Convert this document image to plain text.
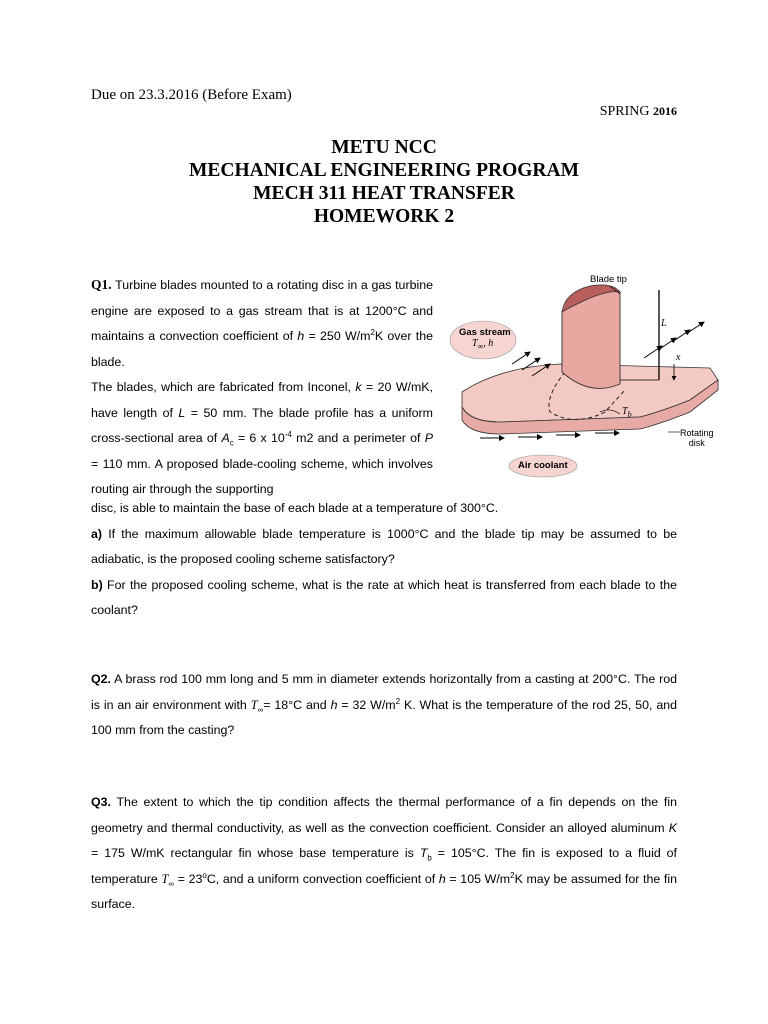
Due on 23.3.2016 (Before Exam)
SPRING 2016
METU NCC
MECHANICAL ENGINEERING PROGRAM
MECH 311 HEAT TRANSFER
HOMEWORK 2
Q1. Turbine blades mounted to a rotating disc in a gas turbine engine are exposed to a gas stream that is at 1200°C and maintains a convection coefficient of h = 250 $W/m^2K$ over the blade.
The blades, which are fabricated from Inconel, k = 20 W/mK, have length of L = 50 mm. The blade profile has a uniform cross-sectional area of $A_c = 6$ x $10^{-4}$ m2 and a perimeter of P = 110 mm. A proposed blade-cooling scheme, which involves routing air through the supporting
disc, is able to maintain the base of each blade at a temperature of 300°C.
a) If the maximum allowable blade temperature is 1000°C and the blade tip may be assumed to be adiabatic, is the proposed cooling scheme satisfactory?
b) For the proposed cooling scheme, what is the rate at which heat is transferred from each blade to the coolant?
Blade tip
Gas stream
$T_\infty$, h
L
x
$T_b$
Rotating
disk
Air coolant
Q2. A brass rod 100 mm long and 5 mm in diameter extends horizontally from a casting at 200°C. The rod is in an air environment with $T_\infty= 18^\circ C$ and h = 32 $W/m^2$ K. What is the temperature of the rod 25, 50, and 100 mm from the casting?
Q3. The extent to which the tip condition affects the thermal performance of a fin depends on the fin geometry and thermal conductivity, as well as the convection coefficient. Consider an alloyed aluminum K = 175 W/mK rectangular fin whose base temperature is $T_b = 105^\circ C$. The fin is exposed to a fluid of temperature $T_\infty = 23^oC$, and a uniform convection coefficient of h = 105 $W/m^2K$ may be assumed for the fin surface.
